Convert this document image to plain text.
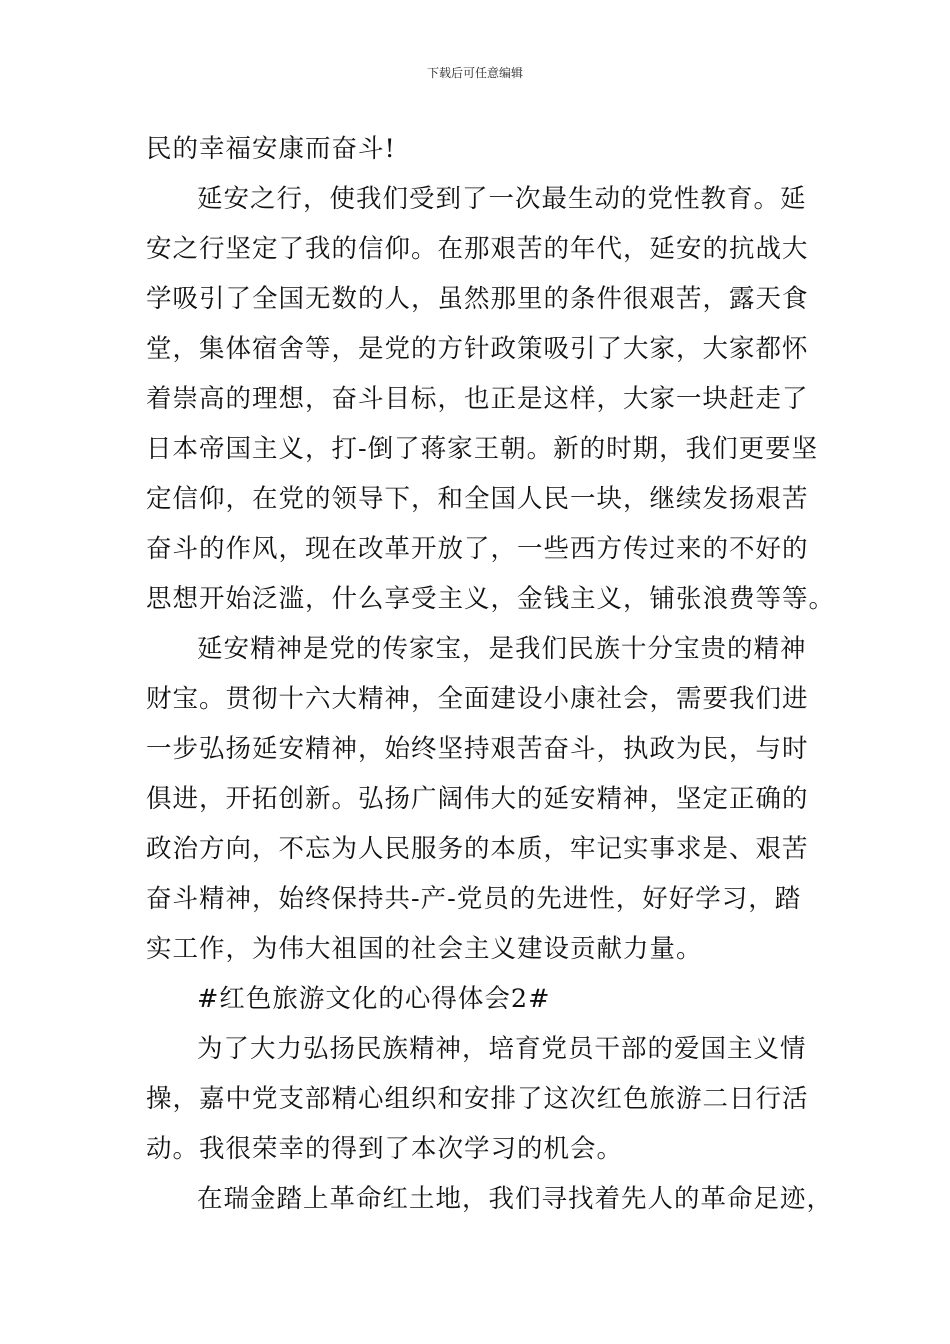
下载后可任意编辑
民的幸福安康而奋斗!
延安之行，使我们受到了一次最生动的党性教育。延
安之行坚定了我的信仰。在那艰苦的年代，延安的抗战大
学吸引了全国无数的人，虽然那里的条件很艰苦，露天食
堂，集体宿舍等，是党的方针政策吸引了大家，大家都怀
着崇高的理想，奋斗目标，也正是这样，大家一块赶走了
日本帝国主义，打-倒了蒋家王朝。新的时期，我们更要坚
定信仰，在党的领导下，和全国人民一块，继续发扬艰苦
奋斗的作风，现在改革开放了，一些西方传过来的不好的
思想开始泛滥，什么享受主义，金钱主义，铺张浪费等等。
延安精神是党的传家宝，是我们民族十分宝贵的精神
财宝。贯彻十六大精神，全面建设小康社会，需要我们进
一步弘扬延安精神，始终坚持艰苦奋斗，执政为民，与时
俱进，开拓创新。弘扬广阔伟大的延安精神，坚定正确的
政治方向，不忘为人民服务的本质，牢记实事求是、艰苦
奋斗精神，始终保持共-产-党员的先进性，好好学习，踏
实工作，为伟大祖国的社会主义建设贡献力量。
#红色旅游文化的心得体会2#
为了大力弘扬民族精神，培育党员干部的爱国主义情
操，嘉中党支部精心组织和安排了这次红色旅游二日行活
动。我很荣幸的得到了本次学习的机会。
在瑞金踏上革命红土地，我们寻找着先人的革命足迹，
